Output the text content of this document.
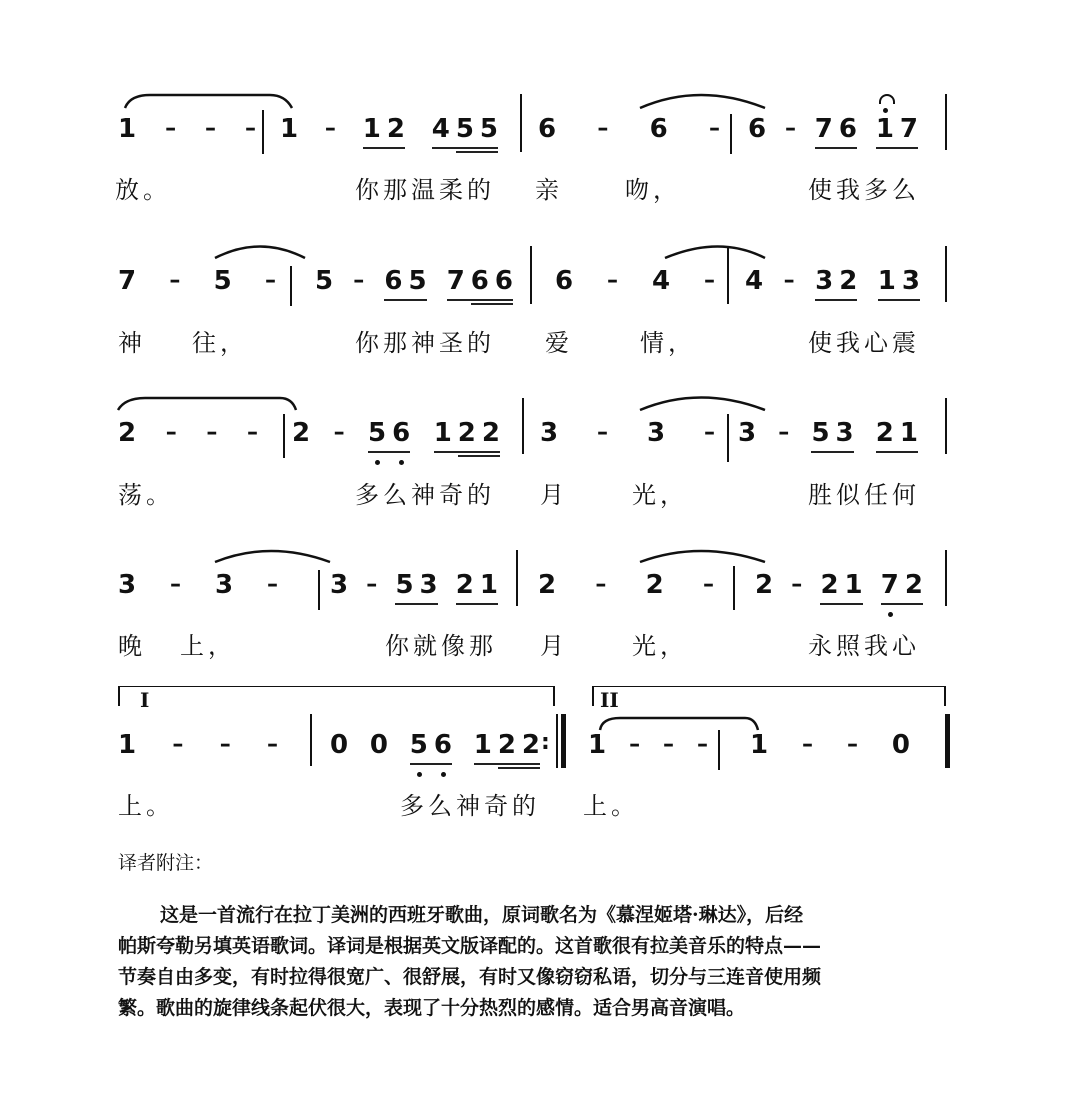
1 – – – 1 – 1 2 4 5 5 6 – 6 – 6 – 7 6 1 7
放。	你那温柔的 亲	吻，	使我多么
7 – 5 – 5 – 6 5 7 6 6 6 – 4 – 4 – 3 2 1 3
神 往，	你那神圣的 爱	情，	使我心震
2 – – – 2 – 5 6 1 2 2 3 – 3 – 3 – 5 3 2 1
荡。	多么神奇的 月	光，	胜似任何
3 – 3 – 3 – 5 3 2 1 2 – 2 – 2 – 2 1 7 2
晚 上，	你就像那 月	光，	永照我心
I	II
1 – – – 0 0 5 6 1 2 2 : 1 – – – 1 – – 0
上。	多么神奇的 上。
译者附注：
这是一首流行在拉丁美洲的西班牙歌曲，原词歌名为《慕涅姬塔·琳达》，后经
帕斯夸勒另填英语歌词。译词是根据英文版译配的。这首歌很有拉美音乐的特点——
节奏自由多变，有时拉得很宽广、很舒展，有时又像窃窃私语，切分与三连音使用频
繁。歌曲的旋律线条起伏很大，表现了十分热烈的感情。适合男高音演唱。
